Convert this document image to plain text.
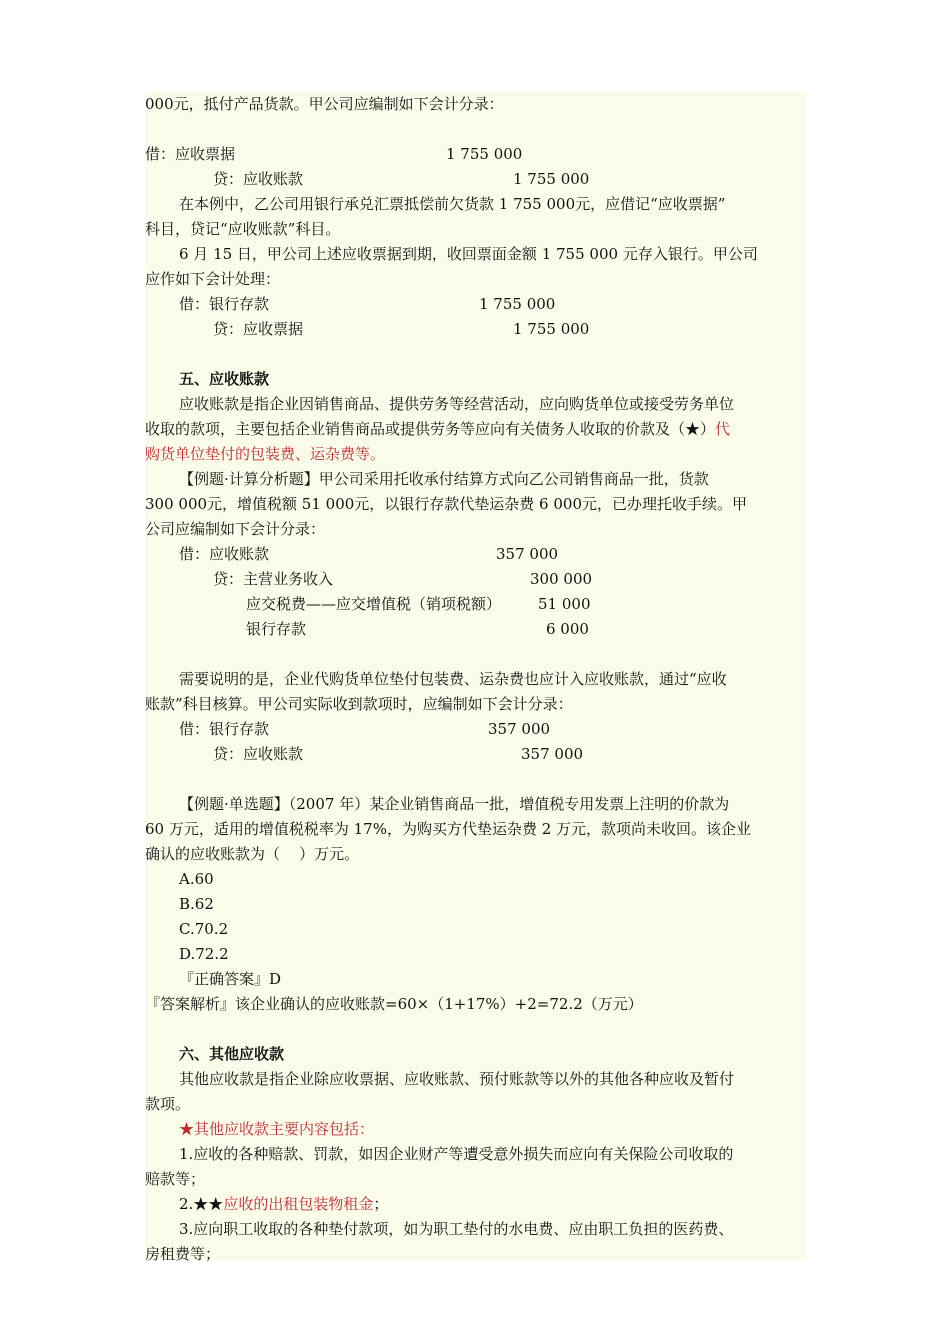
000元，抵付产品货款。甲公司应编制如下会计分录：
借：应收票据	1 755 000
贷：应收账款	1 755 000
在本例中，乙公司用银行承兑汇票抵偿前欠货款 1 755 000元，应借记“应收票据”
科目，贷记“应收账款”科目。
6 月 15 日，甲公司上述应收票据到期，收回票面金额 1 755 000 元存入银行。甲公司
应作如下会计处理：
借：银行存款	1 755 000
贷：应收票据	1 755 000
五、应收账款
应收账款是指企业因销售商品、提供劳务等经营活动，应向购货单位或接受劳务单位
收取的款项，主要包括企业销售商品或提供劳务等应向有关债务人收取的价款及（★）代
购货单位垫付的包装费、运杂费等。
【例题·计算分析题】甲公司采用托收承付结算方式向乙公司销售商品一批，货款
300 000元，增值税额 51 000元，以银行存款代垫运杂费 6 000元，已办理托收手续。甲
公司应编制如下会计分录：
借：应收账款	357 000
贷：主营业务收入	300 000
应交税费——应交增值税（销项税额） 51 000
银行存款	6 000
需要说明的是，企业代购货单位垫付包装费、运杂费也应计入应收账款，通过“应收
账款”科目核算。甲公司实际收到款项时，应编制如下会计分录：
借：银行存款	357 000
贷：应收账款	357 000
【例题·单选题】（2007 年）某企业销售商品一批，增值税专用发票上注明的价款为
60 万元，适用的增值税税率为 17%，为购买方代垫运杂费 2 万元，款项尚未收回。该企业
确认的应收账款为（    ）万元。
A.60
B.62
C.70.2
D.72.2
『正确答案』D
『答案解析』该企业确认的应收账款=60×（1+17%）+2=72.2（万元）
六、其他应收款
其他应收款是指企业除应收票据、应收账款、预付账款等以外的其他各种应收及暂付
款项。
★其他应收款主要内容包括：
1.应收的各种赔款、罚款，如因企业财产等遭受意外损失而应向有关保险公司收取的
赔款等；
2.★★应收的出租包装物租金；
3.应向职工收取的各种垫付款项，如为职工垫付的水电费、应由职工负担的医药费、
房租费等；
